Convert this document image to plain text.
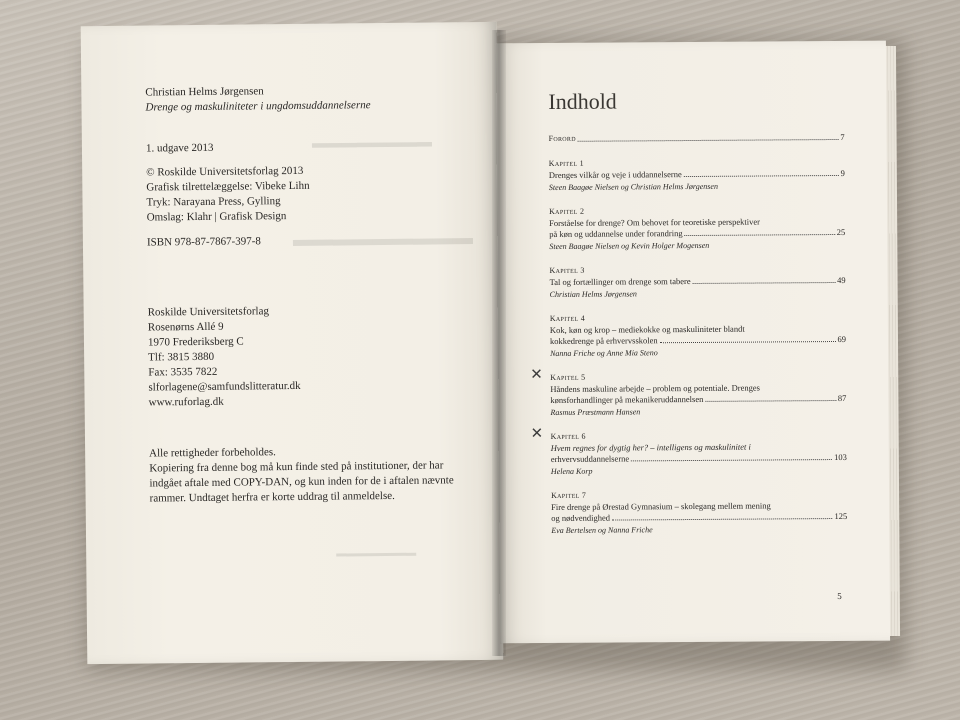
▬▬▬▬▬▬▬▬
▬▬▬▬▬▬▬▬▬
Christian Helms Jørgensen
Drenge og maskuliniteter i ungdomsuddannelserne
1. udgave 2013
© Roskilde Universitetsforlag 2013
Grafisk tilrettelæggelse: Vibeke Lihn
Tryk: Narayana Press, Gylling
Omslag: Klahr | Grafisk Design
ISBN 978-87-7867-397-8
Roskilde Universitetsforlag
Rosenørns Allé 9
1970 Frederiksberg C
Tlf: 3815 3880
Fax: 3535 7822
slforlagene@samfundslitteratur.dk
www.ruforlag.dk

Alle rettigheder forbeholdes.

Kopiering fra denne bog må kun finde sted på institutioner, der har

indgået aftale med COPY-DAN, og kun inden for de i aftalen nævnte

rammer. Undtaget herfra er korte uddrag til anmeldelse.

▬▬▬▬▬▬▬▬
Indhold
Forord	7
Kapitel 1
Drenges vilkår og veje i uddannelserne	9
Steen Baagøe Nielsen og Christian Helms Jørgensen
Kapitel 2
Forståelse for drenge? Om behovet for teoretiske perspektiver
på køn og uddannelse under forandring	25
Steen Baagøe Nielsen og Kevin Holger Mogensen
Kapitel 3
Tal og fortællinger om drenge som tabere	49
Christian Helms Jørgensen
Kapitel 4
Kok, køn og krop – mediekokke og maskuliniteter blandt
kokkedrenge på erhvervsskolen	69
Nanna Friche og Anne Mia Steno
✕ Kapitel 5
Håndens maskuline arbejde – problem og potentiale. Drenges
kønsforhandlinger på mekanikeruddannelsen	87
Rasmus Præstmann Hansen
✕ Kapitel 6
Hvem regnes for dygtig her? – intelligens og maskulinitet i
erhvervsuddannelserne	103
Helena Korp
Kapitel 7
Fire drenge på Ørestad Gymnasium – skolegang mellem mening
og nødvendighed	125
Eva Bertelsen og Nanna Friche
5
